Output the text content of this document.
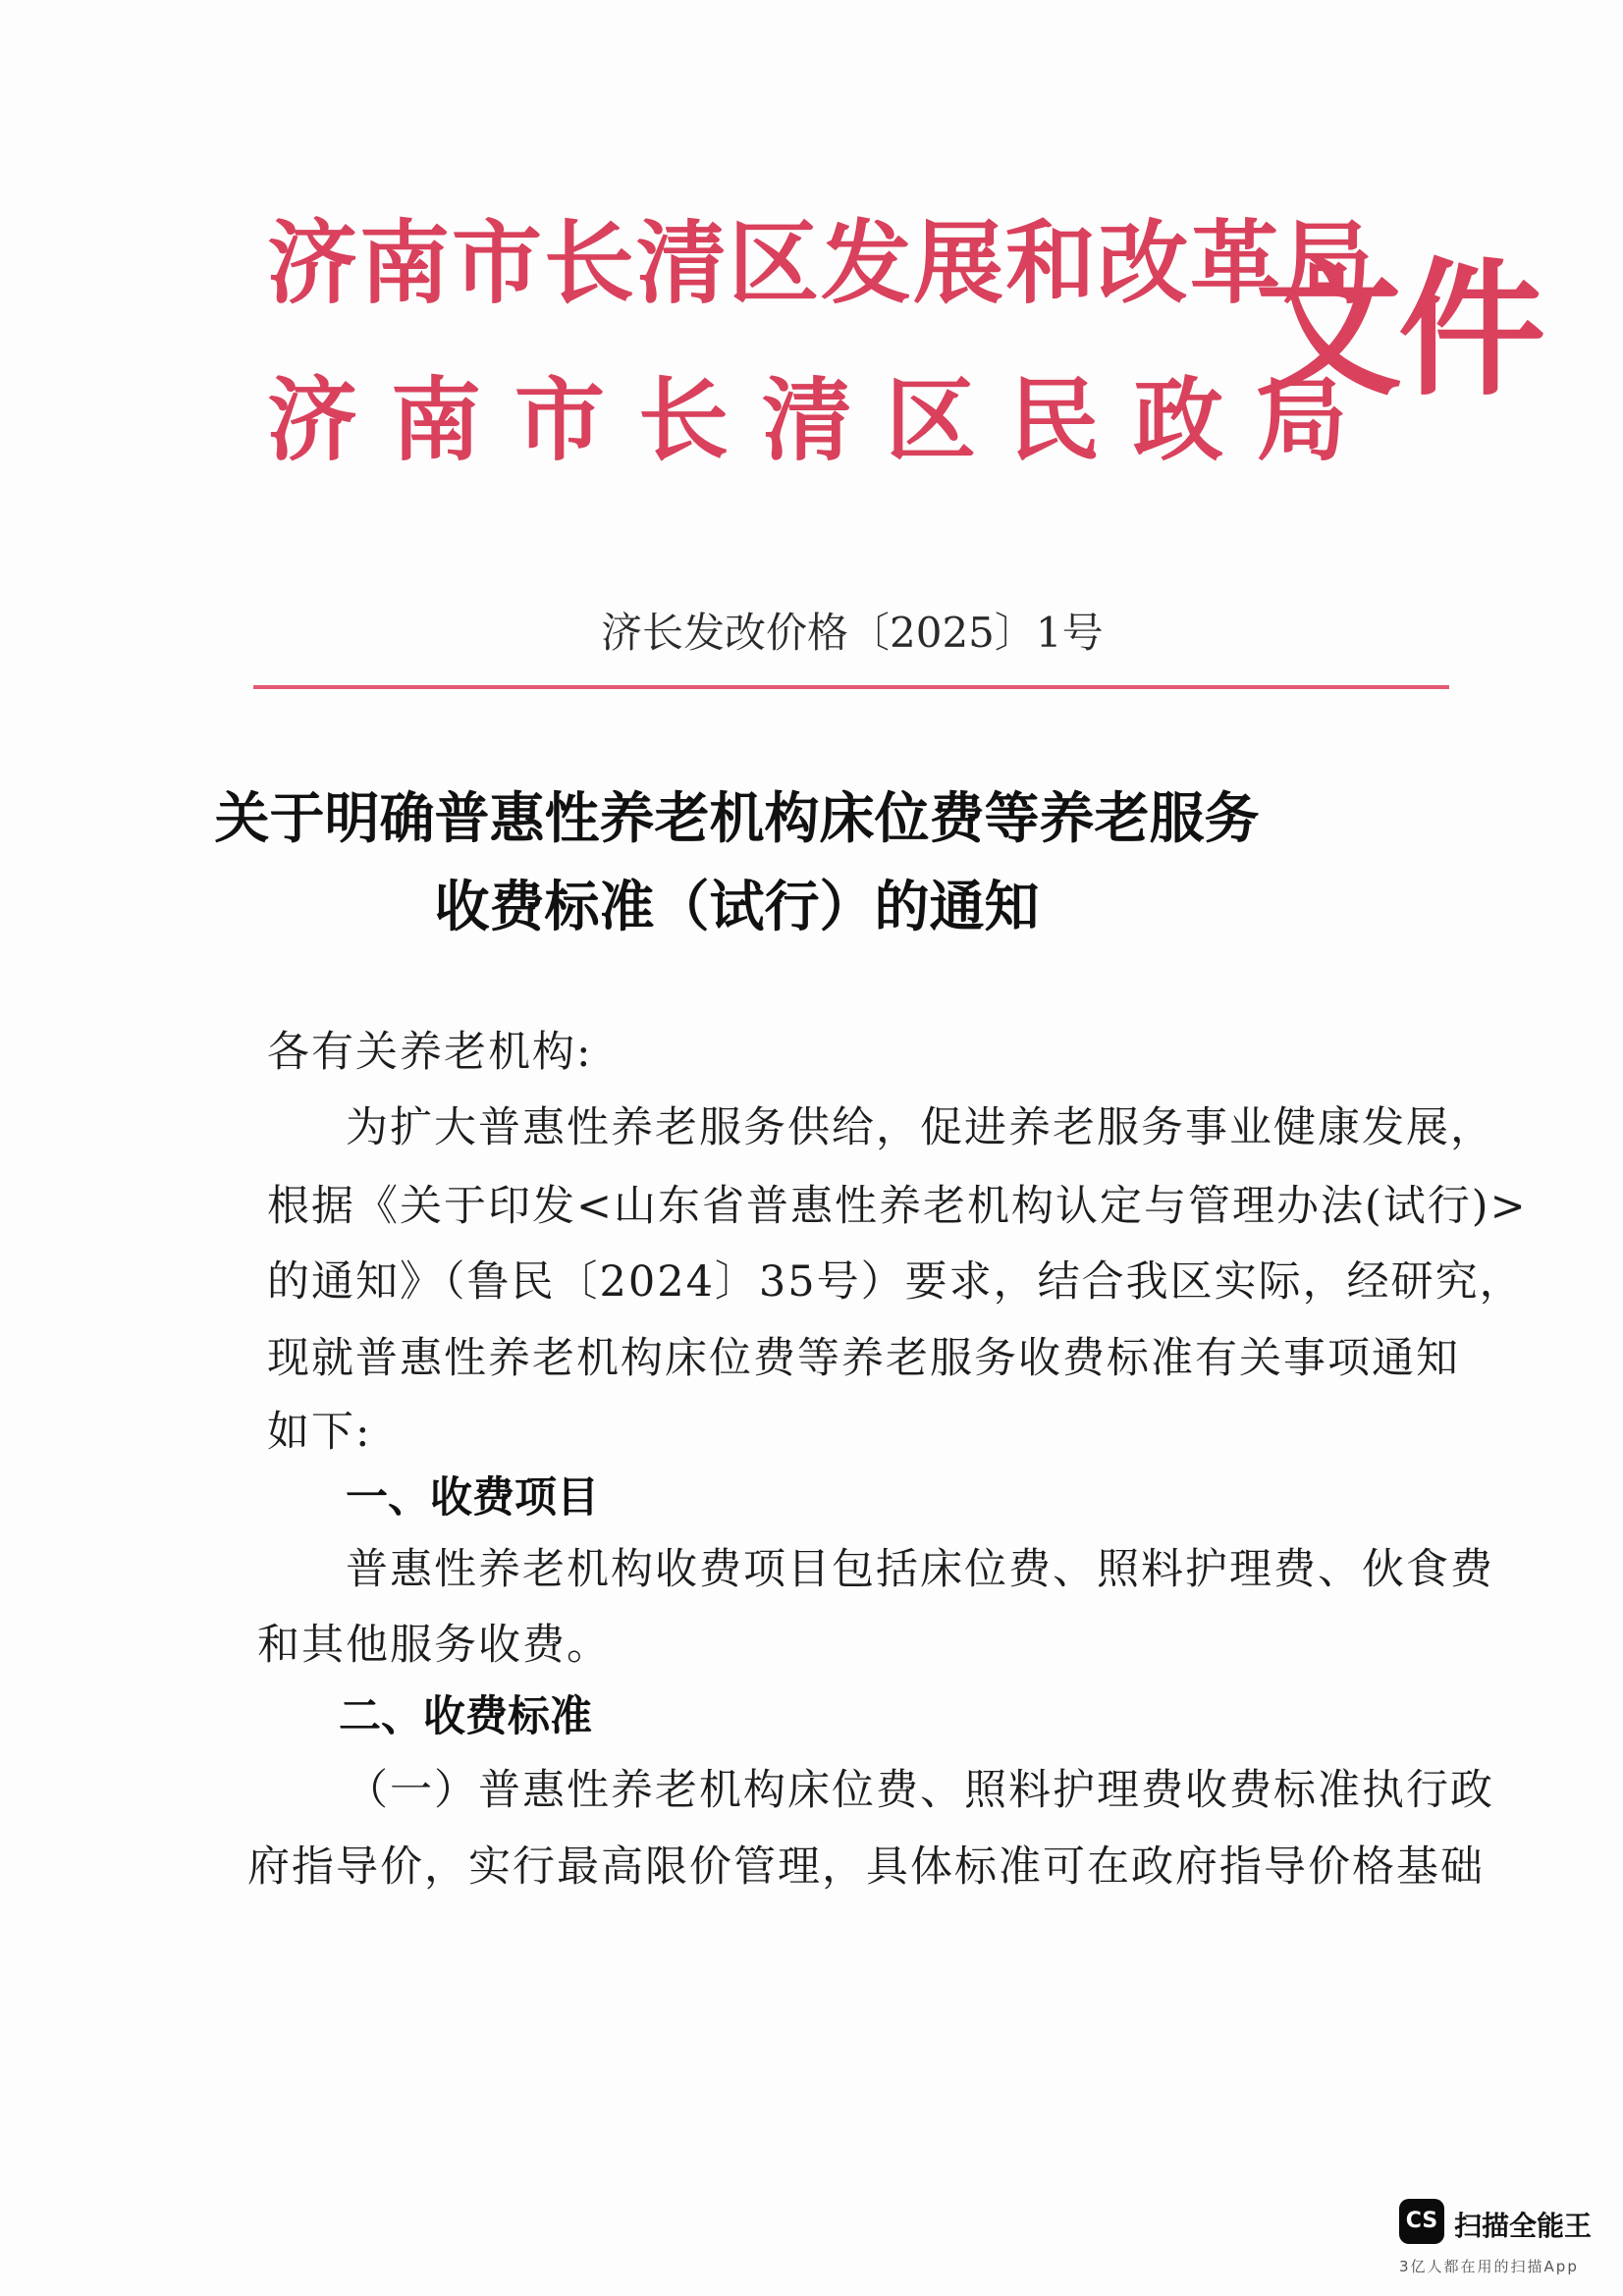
济南市长清区发展和改革局
济南市长清区民政局
文件
济长发改价格〔2025〕1号
关于明确普惠性养老机构床位费等养老服务
收费标准（试行）的通知
各有关养老机构:
为扩大普惠性养老服务供给，促进养老服务事业健康发展，
根据《关于印发<山东省普惠性养老机构认定与管理办法(试行)>
的通知》（鲁民〔2024〕35号）要求，结合我区实际，经研究，
现就普惠性养老机构床位费等养老服务收费标准有关事项通知
如下:
一、收费项目
普惠性养老机构收费项目包括床位费、照料护理费、伙食费
和其他服务收费。
二、收费标准
（一）普惠性养老机构床位费、照料护理费收费标准执行政
府指导价，实行最高限价管理，具体标准可在政府指导价格基础
CS 扫描全能王
3亿人都在用的扫描App
